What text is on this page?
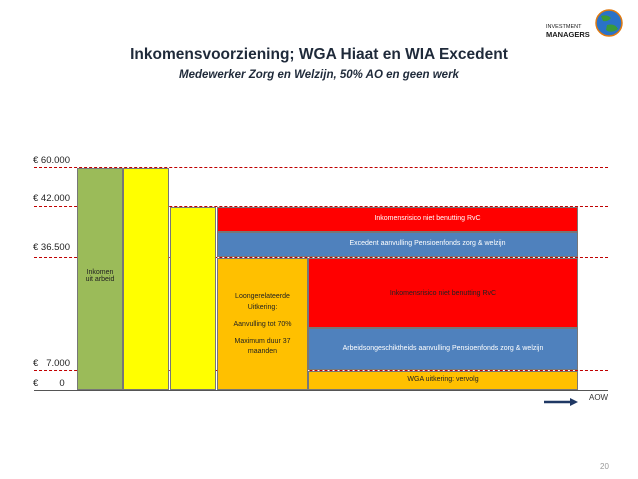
INVESTMENT
MANAGERS
Inkomensvoorziening; WGA Hiaat en WIA Excedent
Medewerker Zorg en Welzijn, 50% AO en geen werk
€ 60.000
€ 42.000
€ 36.500
€   7.000
€        0
Inkomen uit arbeid
Inkomensrisico niet benutting RvC
Excedent aanvulling Pensioenfonds zorg & welzijn
Loongerelateerde Uitkering:
Aanvulling tot 70%
Maximum duur 37 maanden
Inkomensrisico niet benutting RvC
Arbeidsongeschiktheids aanvulling Pensioenfonds zorg & welzijn
WGA uitkering: vervolg
AOW
20
